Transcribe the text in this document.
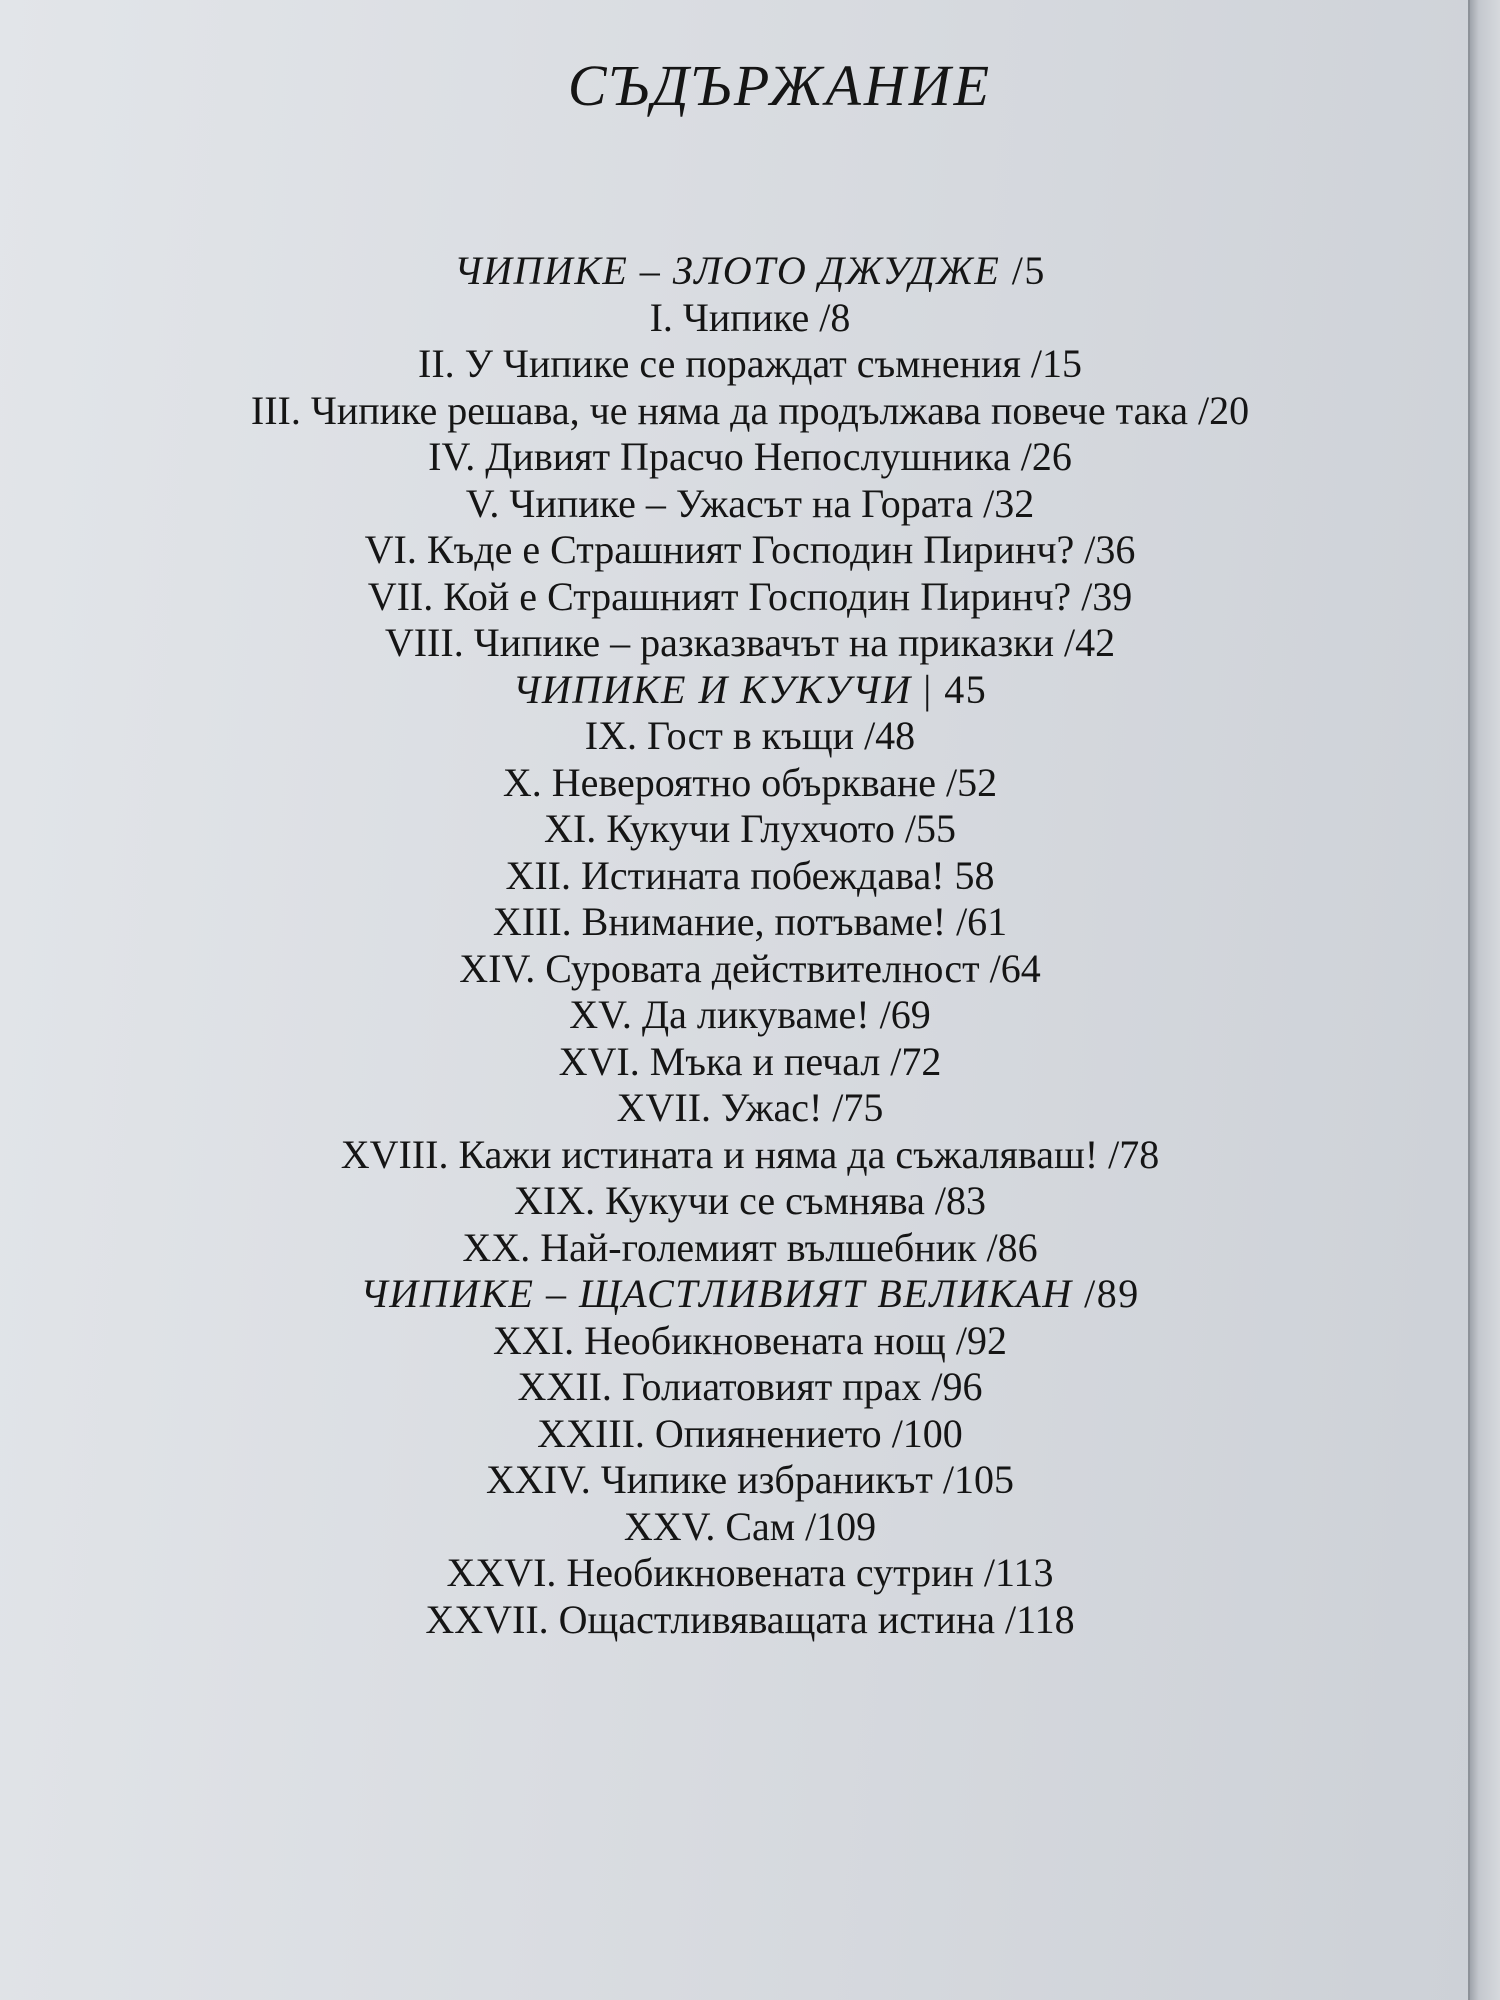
СЪДЪРЖАНИЕ
ЧИПИКЕ – ЗЛОТО ДЖУДЖЕ /5
I. Чипике /8
II. У Чипике се пораждат съмнения /15
III. Чипике решава, че няма да продължава повече така /20
IV. Дивият Прасчо Непослушника /26
V. Чипике – Ужасът на Гората /32
VI. Къде е Страшният Господин Пиринч? /36
VII. Кой е Страшният Господин Пиринч? /39
VIII. Чипике – разказвачът на приказки /42
ЧИПИКЕ И КУКУЧИ | 45
IX. Гост в къщи /48
X. Невероятно объркване /52
XI. Кукучи Глухчото /55
XII. Истината побеждава! 58
XIII. Внимание, потъваме! /61
XIV. Суровата действителност /64
XV. Да ликуваме! /69
XVI. Мъка и печал /72
XVII. Ужас! /75
XVIII. Кажи истината и няма да съжаляваш! /78
XIX. Кукучи се съмнява /83
XX. Най-големият вълшебник /86
ЧИПИКЕ – ЩАСТЛИВИЯТ ВЕЛИКАН /89
XXI. Необикновената нощ /92
XXII. Голиатовият прах /96
XXIII. Опиянението /100
XXIV. Чипике избраникът /105
XXV. Сам /109
XXVI. Необикновената сутрин /113
XXVII. Ощастливяващата истина /118
